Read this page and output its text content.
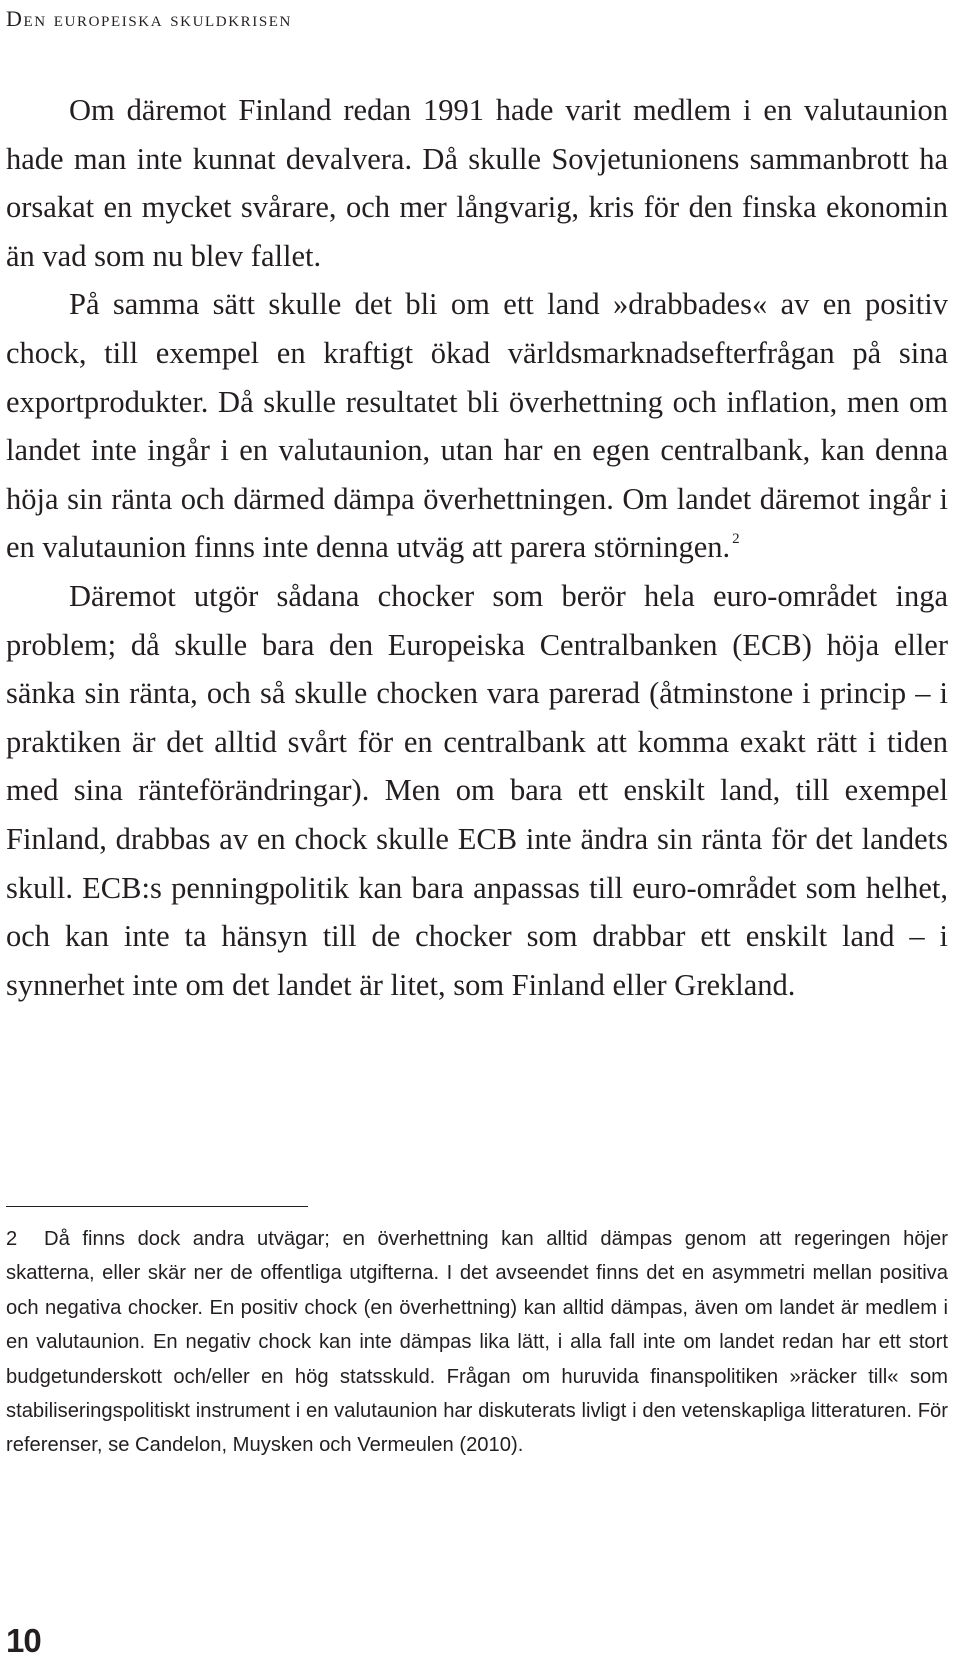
Den europeiska skuldkrisen

Om däremot Finland redan 1991 hade varit medlem i en valutaunion hade man inte kunnat devalvera. Då skulle Sovjetunionens sammanbrott ha orsakat en mycket svårare, och mer långvarig, kris för den finska ekonomin än vad som nu blev fallet.

På samma sätt skulle det bli om ett land »drabbades« av en positiv chock, till exempel en kraftigt ökad världsmarknadsefterfrågan på sina exportprodukter. Då skulle resultatet bli överhettning och inflation, men om landet inte ingår i en valutaunion, utan har en egen centralbank, kan denna höja sin ränta och därmed dämpa överhettningen. Om landet däremot ingår i en valutaunion finns inte denna utväg att parera störningen. $^2$

Däremot utgör sådana chocker som berör hela euro-området inga problem; då skulle bara den Europeiska Centralbanken (ECB) höja eller sänka sin ränta, och så skulle chocken vara parerad (åtminstone i princip – i praktiken är det alltid svårt för en centralbank att komma exakt rätt i tiden med sina ränteförändringar). Men om bara ett enskilt land, till exempel Finland, drabbas av en chock skulle ECB inte ändra sin ränta för det landets skull. ECB:s penningpolitik kan bara anpassas till euro-området som helhet, och kan inte ta hänsyn till de chocker som drabbar ett enskilt land – i synnerhet inte om det landet är litet, som Finland eller Grekland.

2 Då finns dock andra utvägar; en överhettning kan alltid dämpas genom att regeringen höjer skatterna, eller skär ner de offentliga utgifterna. I det avseendet finns det en asymmetri mellan positiva och negativa chocker. En positiv chock (en överhettning) kan alltid dämpas, även om landet är medlem i en valutaunion. En negativ chock kan inte dämpas lika lätt, i alla fall inte om landet redan har ett stort budgetunderskott och/eller en hög statsskuld. Frågan om huruvida finanspolitiken »räcker till« som stabiliseringspolitiskt instrument i en valutaunion har diskuterats livligt i den vetenskapliga litteraturen. För referenser, se Candelon, Muysken och Vermeulen (2010).
10
